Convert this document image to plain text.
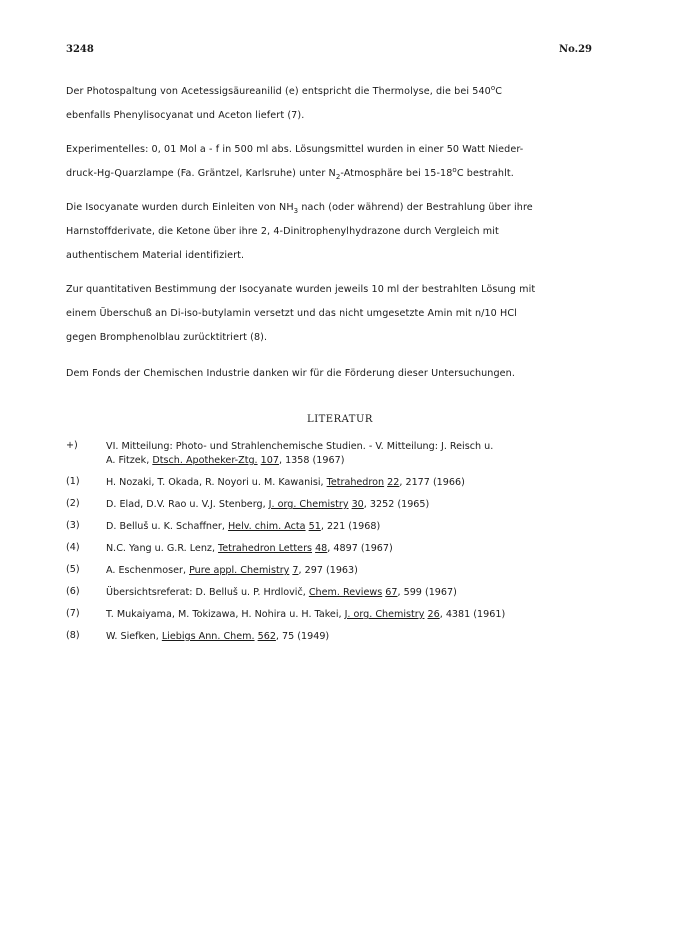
3248	No.29
Der Photospaltung von Acetessigsäureanilid (e) entspricht die Thermolyse, die bei 540$^o$C
ebenfalls Phenylisocyanat und Aceton liefert (7).
Experimentelles: 0, 01 Mol a - f in 500 ml abs. Lösungsmittel wurden in einer 50 Watt Nieder-
druck-Hg-Quarzlampe (Fa. Gräntzel, Karlsruhe) unter $N_2$-Atmosphäre bei 15-18$^o$C bestrahlt.
Die Isocyanate wurden durch Einleiten von $NH_3$ nach (oder während) der Bestrahlung über ihre
Harnstoffderivate, die Ketone über ihre 2, 4-Dinitrophenylhydrazone durch Vergleich mit
authentischem Material identifiziert.
Zur quantitativen Bestimmung der Isocyanate wurden jeweils 10 ml der bestrahlten Lösung mit
einem Überschuß an Di-iso-butylamin versetzt und das nicht umgesetzte Amin mit n/10 HCl
gegen Bromphenolblau zurücktitriert (8).
Dem Fonds der Chemischen Industrie danken wir für die Förderung dieser Untersuchungen.
LITERATUR
+)	VI. Mitteilung: Photo- und Strahlenchemische Studien. - V. Mitteilung: J. Reisch u.
A. Fitzek, Dtsch. Apotheker-Ztg. 107, 1358 (1967)
(1)	H. Nozaki, T. Okada, R. Noyori u. M. Kawanisi, Tetrahedron 22, 2177 (1966)
(2)	D. Elad, D.V. Rao u. V.J. Stenberg, J. org. Chemistry 30, 3252 (1965)
(3)	D. Belluš u. K. Schaffner, Helv. chim. Acta 51, 221 (1968)
(4)	N.C. Yang u. G.R. Lenz, Tetrahedron Letters 48, 4897 (1967)
(5)	A. Eschenmoser, Pure appl. Chemistry 7, 297 (1963)
(6)	Übersichtsreferat: D. Belluš u. P. Hrdlovič, Chem. Reviews 67, 599 (1967)
(7)	T. Mukaiyama, M. Tokizawa, H. Nohira u. H. Takei, J. org. Chemistry 26, 4381 (1961)
(8)	W. Siefken, Liebigs Ann. Chem. 562, 75 (1949)
